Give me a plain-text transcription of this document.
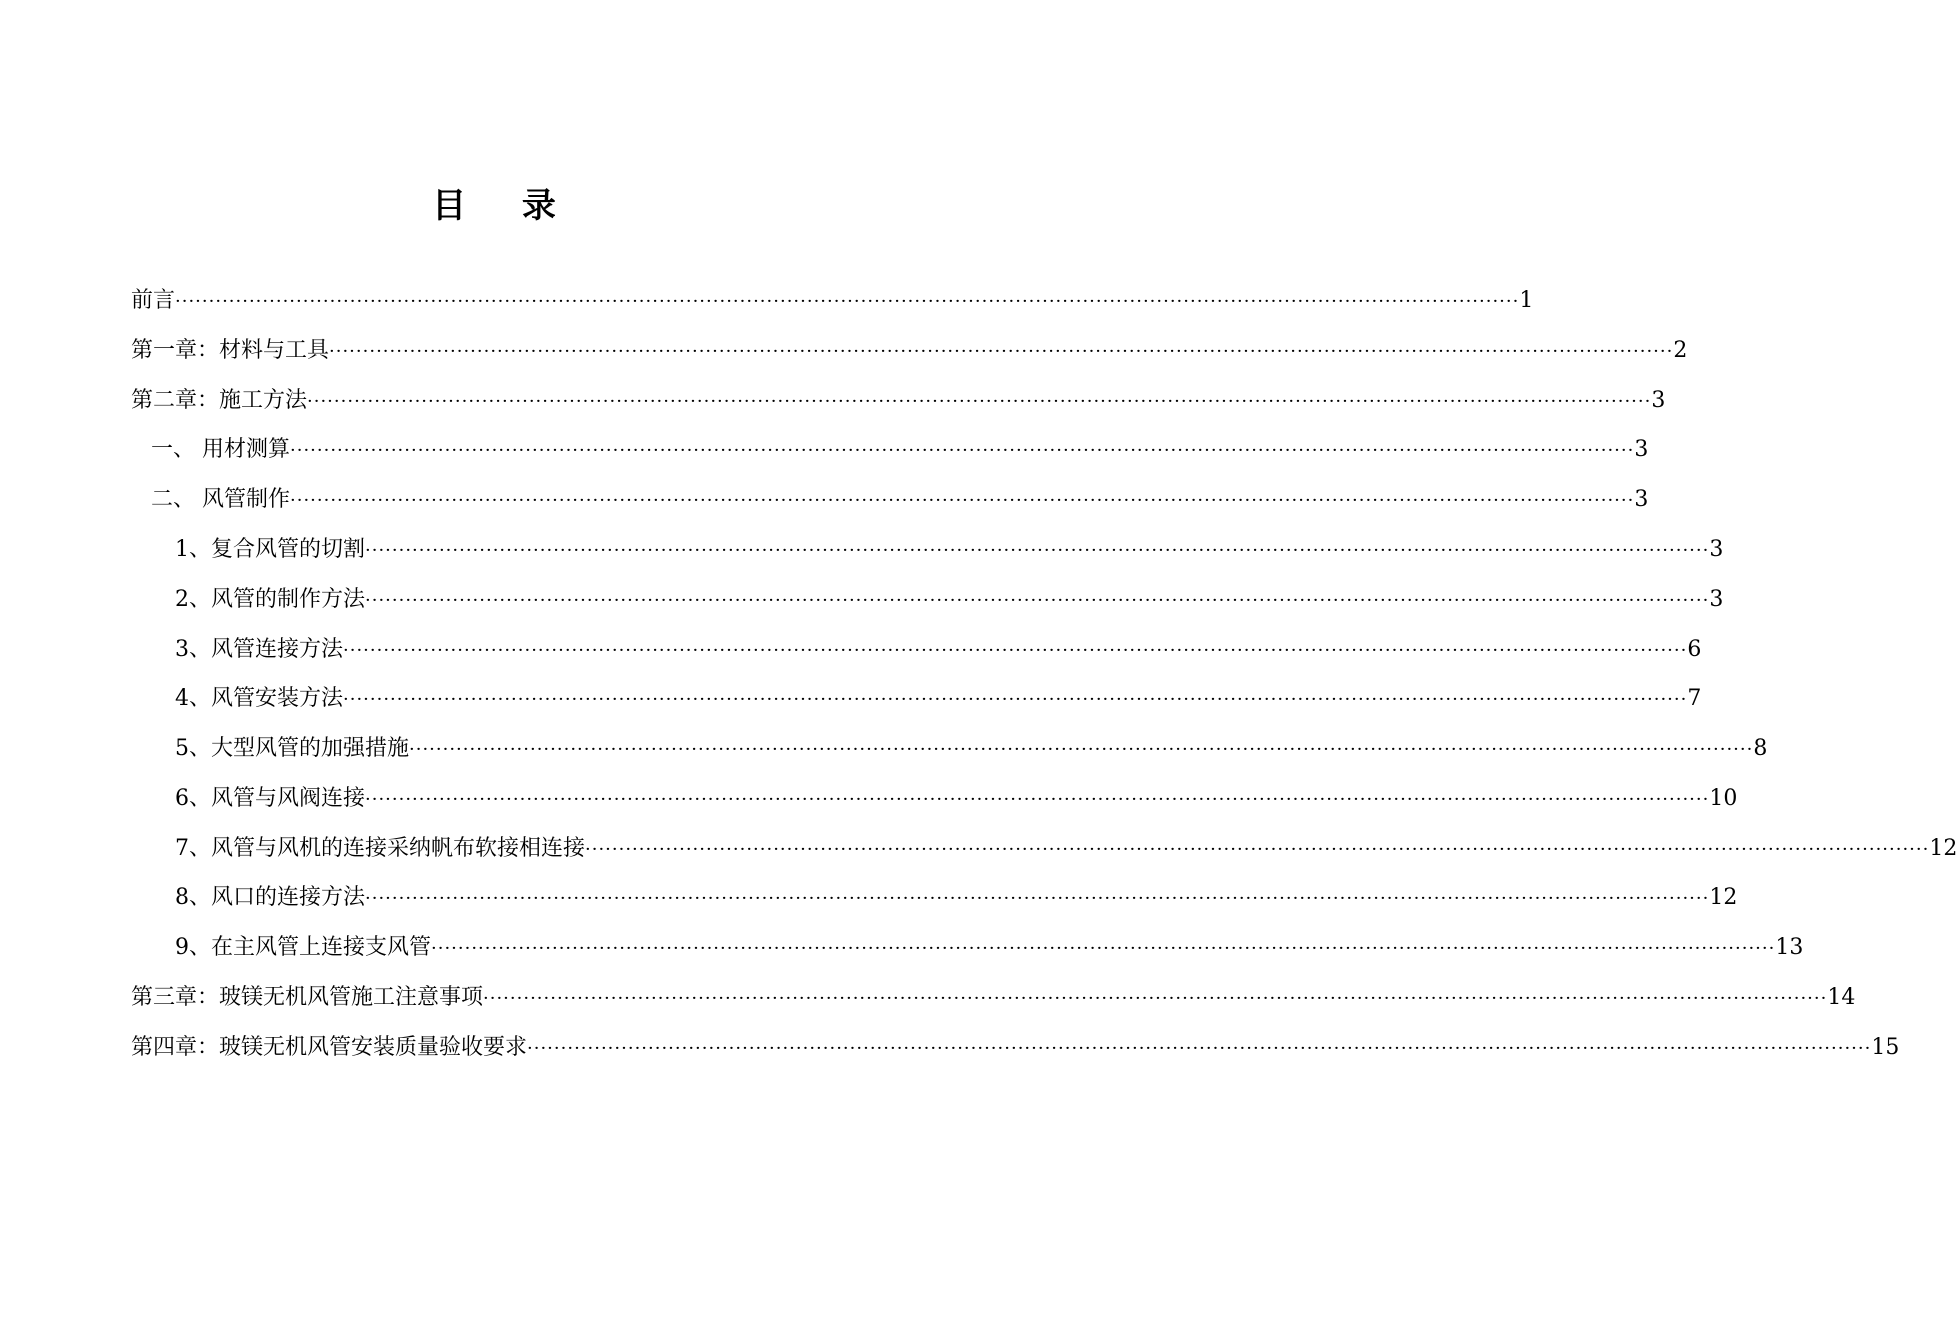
目 录
前言 ········································································································································································································ 1
第一章：材料与工具 ········································································································································································································ 2
第二章：施工方法 ········································································································································································································ 3
一、 用材测算 ········································································································································································································ 3
二、 风管制作 ········································································································································································································ 3
1、复合风管的切割 ········································································································································································································ 3
2、风管的制作方法 ········································································································································································································ 3
3、风管连接方法 ········································································································································································································ 6
4、风管安装方法 ········································································································································································································ 7
5、大型风管的加强措施 ········································································································································································································ 8
6、风管与风阀连接 ········································································································································································································ 10
7、风管与风机的连接采纳帆布软接相连接 ········································································································································································································ 12
8、风口的连接方法 ········································································································································································································ 12
9、在主风管上连接支风管 ········································································································································································································ 13
第三章：玻镁无机风管施工注意事项 ········································································································································································································ 14
第四章：玻镁无机风管安装质量验收要求 ········································································································································································································ 15
